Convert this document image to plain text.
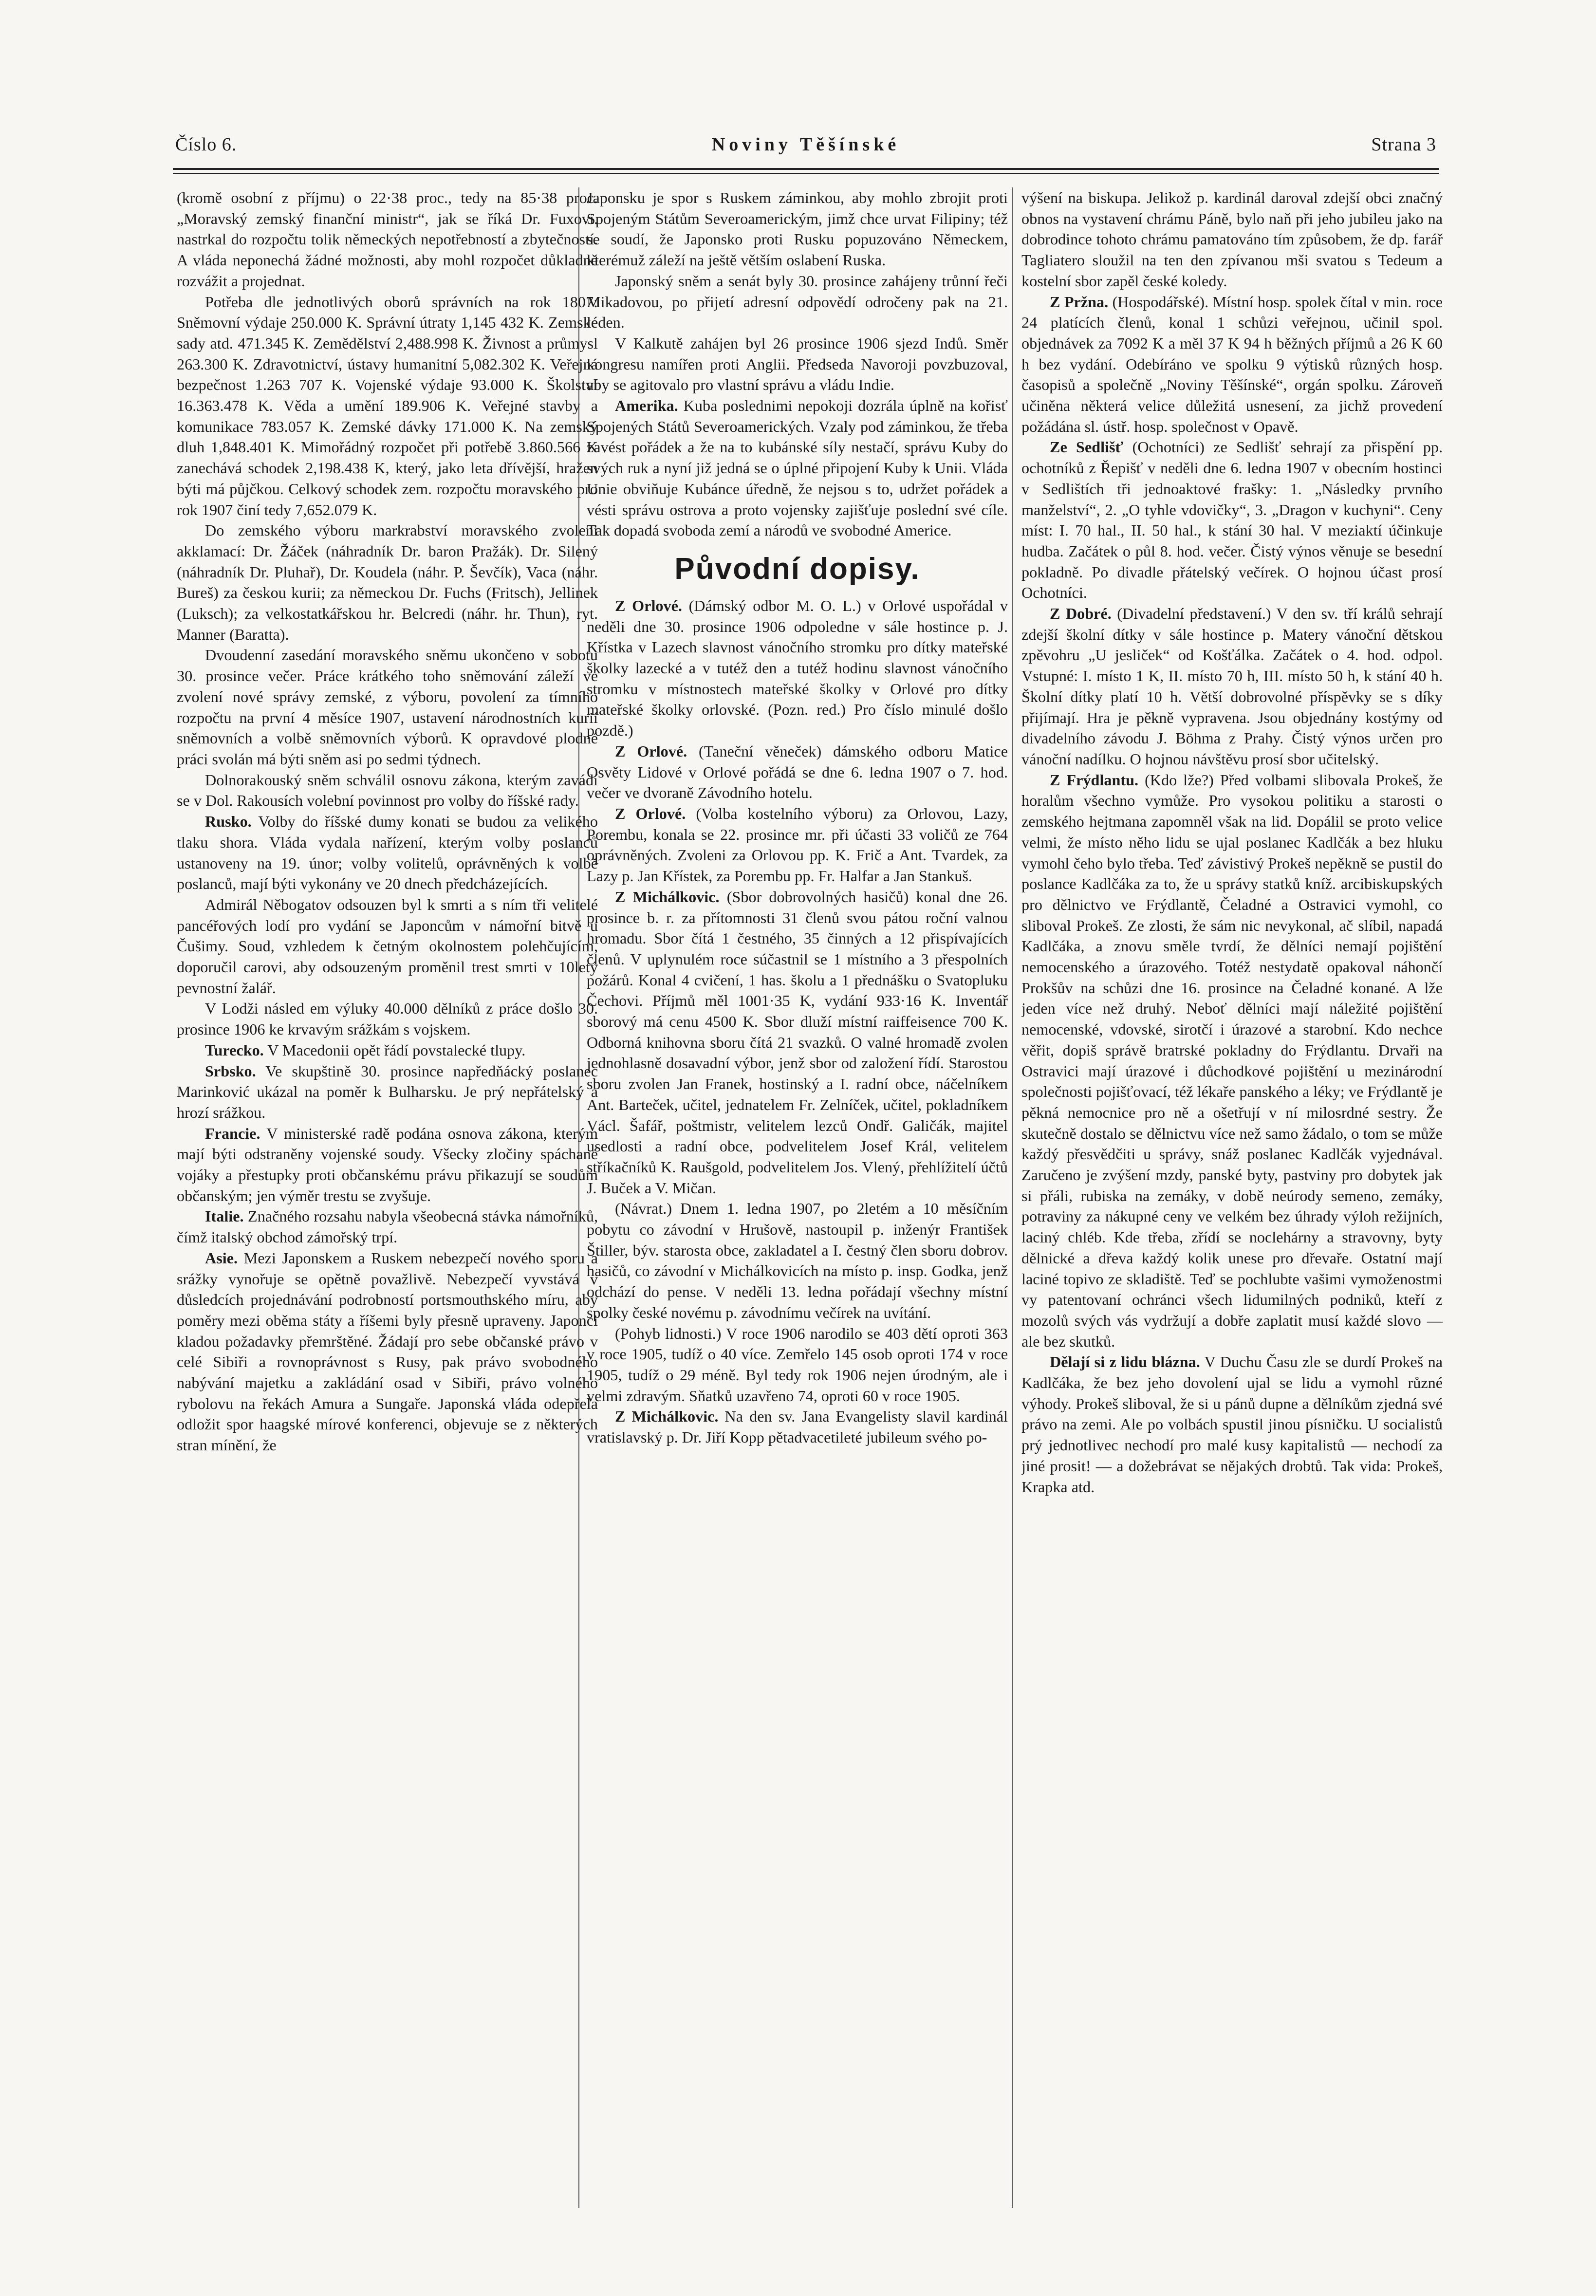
Číslo 6.	Noviny Těšínské	Strana 3

(kromě osobní z příjmu) o 22·38 proc., tedy na 85·38 proc. „Moravský zemský finanční ministr“, jak se říká Dr. Fuxovi. nastrkal do rozpočtu tolik německých nepotřebností a zbytečností. A vláda neponechá žádné možnosti, aby mohl rozpočet důkladně rozvážit a projednat.

Potřeba dle jednotlivých oborů správních na rok 1807: Sněmovní výdaje 250.000 K. Správní útraty 1,145 432 K. Zemské sady atd. 471.345 K. Zemědělství 2,488.998 K. Živnost a průmysl 263.300 K. Zdravotnictví, ústavy humanitní 5,082.302 K. Veřejná bezpečnost 1.263 707 K. Vojenské výdaje 93.000 K. Školství 16.363.478 K. Věda a umění 189.906 K. Veřejné stavby a komunikace 783.057 K. Zemské dávky 171.000 K. Na zemský dluh 1,848.401 K. Mimořádný rozpočet při potřebě 3.860.566 K zanechává schodek 2,198.438 K, který, jako leta dřívější, hražen býti má půjčkou. Celkový schodek zem. rozpočtu moravského pro rok 1907 činí tedy 7,652.079 K.

Do zemského výboru markrabství moravského zvoleni akklamací: Dr. Žáček (náhradník Dr. baron Pražák). Dr. Silený (náhradník Dr. Pluhař), Dr. Koudela (náhr. P. Ševčík), Vaca (náhr. Bureš) za českou kurii; za německou Dr. Fuchs (Fritsch), Jellinek (Luksch); za velkostatkářskou hr. Belcredi (náhr. hr. Thun), ryt. Manner (Baratta).

Dvoudenní zasedání moravského sněmu ukončeno v sobotu 30. prosince večer. Práce krátkého toho sněmování záleží ve zvolení nové správy zemské, z výboru, povolení za tímního rozpočtu na první 4 měsíce 1907, ustavení národnostních kurií sněmovních a volbě sněmovních výborů. K opravdové plodné práci svolán má býti sněm asi po sedmi týdnech.

Dolnorakouský sněm schválil osnovu zákona, kterým zavádí se v Dol. Rakousích volební povinnost pro volby do říšské rady.

Rusko. Volby do říšské dumy konati se budou za velikého tlaku shora. Vláda vydala nařízení, kterým volby poslanců ustanoveny na 19. únor; volby volitelů, oprávněných k volbě poslanců, mají býti vykonány ve 20 dnech předcházejících.

Admirál Něbogatov odsouzen byl k smrti a s ním tři velitelé pancéřových lodí pro vydání se Japoncům v námořní bitvě u Čušimy. Soud, vzhledem k četným okolnostem polehčujícím, doporučil carovi, aby odsouzeným proměnil trest smrti v 10letý pevnostní žalář.

V Lodži násled em výluky 40.000 dělníků z práce došlo 30. prosince 1906 ke krvavým srážkám s vojskem.

Turecko. V Macedonii opět řádí povstalecké tlupy.

Srbsko. Ve skupštině 30. prosince napředňácký poslanec Marinković ukázal na poměr k Bulharsku. Je prý nepřátelský a hrozí srážkou.

Francie. V ministerské radě podána osnova zákona, kterým mají býti odstraněny vojenské soudy. Všecky zločiny spáchané vojáky a přestupky proti občanskému právu přikazují se soudům občanským; jen výměr trestu se zvyšuje.

Italie. Značného rozsahu nabyla všeobecná stávka námořníků, čímž italský obchod zámořský trpí.

Asie. Mezi Japonskem a Ruskem nebezpečí nového sporu a srážky vynořuje se opětně považlivě. Nebezpečí vyvstává v důsledcích projednávání podrobností portsmouthského míru, aby poměry mezi oběma státy a říšemi byly přesně upraveny. Japonci kladou požadavky přemrštěné. Žádají pro sebe občanské právo v celé Sibiři a rovnoprávnost s Rusy, pak právo svobodného nabývání majetku a zakládání osad v Sibiři, právo volného rybolovu na řekách Amura a Sungaře. Japonská vláda odepřela odložit spor haagské mírové konferenci, objevuje se z některých stran mínění, že

Japonsku je spor s Ruskem záminkou, aby mohlo zbrojit proti Spojeným Státům Severoamerickým, jimž chce urvat Filipiny; též se soudí, že Japonsko proti Rusku popuzováno Německem, kterémuž záleží na ještě větším oslabení Ruska.

Japonský sněm a senát byly 30. prosince zahájeny trůnní řeči Mikadovou, po přijetí adresní odpovědí odročeny pak na 21. leden.

V Kalkutě zahájen byl 26 prosince 1906 sjezd Indů. Směr kongresu namířen proti Anglii. Předseda Navoroji povzbuzoval, aby se agitovalo pro vlastní správu a vládu Indie.

Amerika. Kuba poslednimi nepokoji dozrála úplně na kořisť Spojených Států Severoamerických. Vzaly pod záminkou, že třeba zavést pořádek a že na to kubánské síly nestačí, správu Kuby do svých ruk a nyní již jedná se o úplné připojení Kuby k Unii. Vláda Unie obviňuje Kubánce úředně, že nejsou s to, udržet pořádek a vésti správu ostrova a proto vojensky zajišťuje poslední své cíle. Tak dopadá svoboda zemí a národů ve svobodné Americe.

Původní dopisy.

Z Orlové. (Dámský odbor M. O. L.) v Orlové uspořádal v neděli dne 30. prosince 1906 odpoledne v sále hostince p. J. Křístka v Lazech slavnost vánočního stromku pro dítky mateřské školky lazecké a v tutéž den a tutéž hodinu slavnost vánočního stromku v místnostech mateřské školky v Orlové pro dítky mateřské školky orlovské. (Pozn. red.) Pro číslo minulé došlo pozdě.)

Z Orlové. (Taneční věneček) dámského odboru Matice Osvěty Lidové v Orlové pořádá se dne 6. ledna 1907 o 7. hod. večer ve dvoraně Závodního hotelu.

Z Orlové. (Volba kostelního výboru) za Orlovou, Lazy, Porembu, konala se 22. prosince mr. při účasti 33 voličů ze 764 oprávněných. Zvoleni za Orlovou pp. K. Frič a Ant. Tvardek, za Lazy p. Jan Křístek, za Porembu pp. Fr. Halfar a Jan Stankuš.

Z Michálkovic. (Sbor dobrovolných hasičů) konal dne 26. prosince b. r. za přítomnosti 31 členů svou pátou roční valnou hromadu. Sbor čítá 1 čestného, 35 činných a 12 přispívajících členů. V uplynulém roce súčastnil se 1 místního a 3 přespolních požárů. Konal 4 cvičení, 1 has. školu a 1 přednášku o Svatopluku Čechovi. Příjmů měl 1001·35 K, vydání 933·16 K. Inventář sborový má cenu 4500 K. Sbor dluží místní raiffeisence 700 K. Odborná knihovna sboru čítá 21 svazků. O valné hromadě zvolen jednohlasně dosavadní výbor, jenž sbor od založení řídí. Starostou sboru zvolen Jan Franek, hostinský a I. radní obce, náčelníkem Ant. Barteček, učitel, jednatelem Fr. Zelníček, učitel, pokladníkem Václ. Šafář, poštmistr, velitelem lezců Ondř. Galičák, majitel usedlosti a radní obce, podvelitelem Josef Král, velitelem stříkačníků K. Raušgold, podvelitelem Jos. Vlený, přehlížitelí účtů J. Buček a V. Mičan.

(Návrat.) Dnem 1. ledna 1907, po 2letém a 10 měsíčním pobytu co závodní v Hrušově, nastoupil p. inženýr František Štiller, býv. starosta obce, zakladatel a I. čestný člen sboru dobrov. hasičů, co závodní v Michálkovicích na místo p. insp. Godka, jenž odchází do pense. V neděli 13. ledna pořádají všechny místní spolky české novému p. závodnímu večírek na uvítání.

(Pohyb lidnosti.) V roce 1906 narodilo se 403 dětí oproti 363 v roce 1905, tudíž o 40 více. Zemřelo 145 osob oproti 174 v roce 1905, tudíž o 29 méně. Byl tedy rok 1906 nejen úrodným, ale i velmi zdravým. Sňatků uzavřeno 74, oproti 60 v roce 1905.

Z Michálkovic. Na den sv. Jana Evangelisty slavil kardinál vratislavský p. Dr. Jiří Kopp pětadvacetileté jubileum svého po-

výšení na biskupa. Jelikož p. kardinál daroval zdejší obci značný obnos na vystavení chrámu Páně, bylo naň při jeho jubileu jako na dobrodince tohoto chrámu pamatováno tím způsobem, že dp. farář Tagliatero sloužil na ten den zpívanou mši svatou s Tedeum a kostelní sbor zapěl české koledy.

Z Pržna. (Hospodářské). Místní hosp. spolek čítal v min. roce 24 platících členů, konal 1 schůzi veřejnou, učinil spol. objednávek za 7092 K a měl 37 K 94 h běžných příjmů a 26 K 60 h bez vydání. Odebíráno ve spolku 9 výtisků různých hosp. časopisů a společně „Noviny Těšínské“, orgán spolku. Zároveň učiněna některá velice důležitá usnesení, za jichž provedení požádána sl. ústř. hosp. společnost v Opavě.

Ze Sedlišť (Ochotníci) ze Sedlišť sehrají za přispění pp. ochotníků z Řepišť v neděli dne 6. ledna 1907 v obecním hostinci v Sedlištích tři jednoaktové frašky: 1. „Následky prvního manželství“, 2. „O tyhle vdovičky“, 3. „Dragon v kuchyni“. Ceny míst: I. 70 hal., II. 50 hal., k stání 30 hal. V meziaktí účinkuje hudba. Začátek o půl 8. hod. večer. Čistý výnos věnuje se besední pokladně. Po divadle přátelský večírek. O hojnou účast prosí Ochotníci.

Z Dobré. (Divadelní představení.) V den sv. tří králů sehrají zdejší školní dítky v sále hostince p. Matery vánoční dětskou zpěvohru „U jesliček“ od Košťálka. Začátek o 4. hod. odpol. Vstupné: I. místo 1 K, II. místo 70 h, III. místo 50 h, k stání 40 h. Školní dítky platí 10 h. Větší dobrovolné příspěvky se s díky přijímají. Hra je pěkně vypravena. Jsou objednány kostýmy od divadelního závodu J. Böhma z Prahy. Čistý výnos určen pro vánoční nadílku. O hojnou návštěvu prosí sbor učitelský.

Z Frýdlantu. (Kdo lže?) Před volbami slibovala Prokeš, že horalům všechno vymůže. Pro vysokou politiku a starosti o zemského hejtmana zapomněl však na lid. Dopálil se proto velice velmi, že místo něho lidu se ujal poslanec Kadlčák a bez hluku vymohl čeho bylo třeba. Teď závistivý Prokeš nepěkně se pustil do poslance Kadlčáka za to, že u správy statků kníž. arcibiskupských pro dělnictvo ve Frýdlantě, Čeladné a Ostravici vymohl, co sliboval Prokeš. Ze zlosti, že sám nic nevykonal, ač slíbil, napadá Kadlčáka, a znovu směle tvrdí, že dělníci nemají pojištění nemocenského a úrazového. Totéž nestydatě opakoval náhončí Prokšův na schůzi dne 16. prosince na Čeladné konané. A lže jeden více než druhý. Neboť dělníci mají náležité pojištění nemocenské, vdovské, sirotčí i úrazové a starobní. Kdo nechce věřit, dopiš správě bratrské pokladny do Frýdlantu. Drvaři na Ostravici mají úrazové i důchodkové pojištění u mezinárodní společnosti pojišťovací, též lékaře panského a léky; ve Frýdlantě je pěkná nemocnice pro ně a ošetřují v ní milosrdné sestry. Že skutečně dostalo se dělnictvu více než samo žádalo, o tom se může každý přesvědčiti u správy, snáž poslanec Kadlčák vyjednával. Zaručeno je zvýšení mzdy, panské byty, pastviny pro dobytek jak si přáli, rubiska na zemáky, v době neúrody semeno, zemáky, potraviny za nákupné ceny ve velkém bez úhrady výloh režijních, laciný chléb. Kde třeba, zřídí se noclehárny a stravovny, byty dělnické a dřeva každý kolik unese pro dřevaře. Ostatní mají laciné topivo ze skladiště. Teď se pochlubte vašimi vymoženostmi vy patentovaní ochránci všech lidumilných podniků, kteří z mozolů svých vás vydržují a dobře zaplatit musí každé slovo — ale bez skutků.

Dělají si z lidu blázna. V Duchu Času zle se durdí Prokeš na Kadlčáka, že bez jeho dovolení ujal se lidu a vymohl různé výhody. Prokeš sliboval, že si u pánů dupne a dělníkům zjedná své právo na zemi. Ale po volbách spustil jinou písničku. U socialistů prý jednotlivec nechodí pro malé kusy kapitalistů — nechodí za jiné prosit! — a dožebrávat se nějakých drobtů. Tak vida: Prokeš, Krapka atd.
